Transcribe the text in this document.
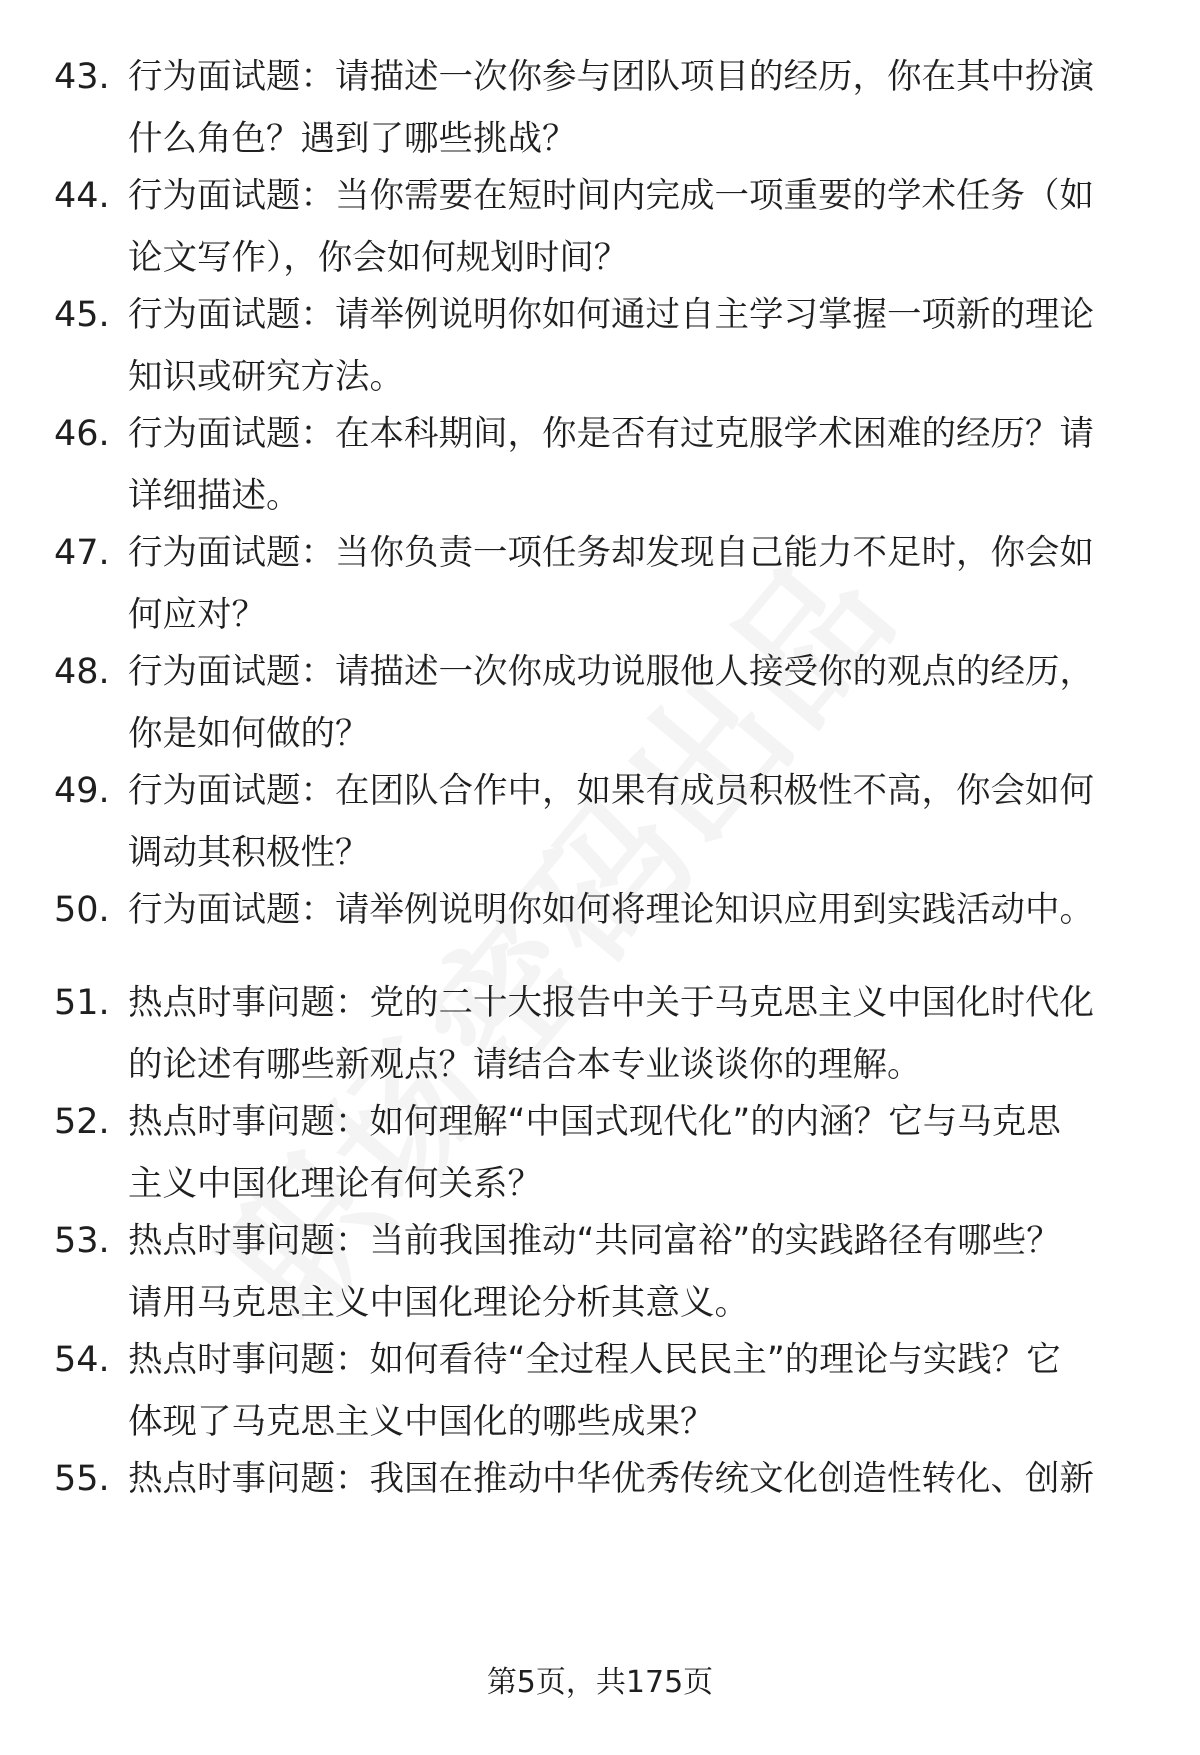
43. 行为面试题：请描述一次你参与团队项目的经历，你在其中扮演
什么角色？遇到了哪些挑战？
44. 行为面试题：当你需要在短时间内完成一项重要的学术任务（如
论文写作），你会如何规划时间？
45. 行为面试题：请举例说明你如何通过自主学习掌握一项新的理论
知识或研究方法。
46. 行为面试题：在本科期间，你是否有过克服学术困难的经历？请
详细描述。
47. 行为面试题：当你负责一项任务却发现自己能力不足时，你会如
何应对？
48. 行为面试题：请描述一次你成功说服他人接受你的观点的经历，
你是如何做的？
49. 行为面试题：在团队合作中，如果有成员积极性不高，你会如何
调动其积极性？
50. 行为面试题：请举例说明你如何将理论知识应用到实践活动中。
51. 热点时事问题：党的二十大报告中关于马克思主义中国化时代化
的论述有哪些新观点？请结合本专业谈谈你的理解。
52. 热点时事问题：如何理解“中国式现代化”的内涵？它与马克思
主义中国化理论有何关系？
53. 热点时事问题：当前我国推动“共同富裕”的实践路径有哪些？
请用马克思主义中国化理论分析其意义。
54. 热点时事问题：如何看待“全过程人民民主”的理论与实践？它
体现了马克思主义中国化的哪些成果？
55. 热点时事问题：我国在推动中华优秀传统文化创造性转化、创新
第5页，共175页
